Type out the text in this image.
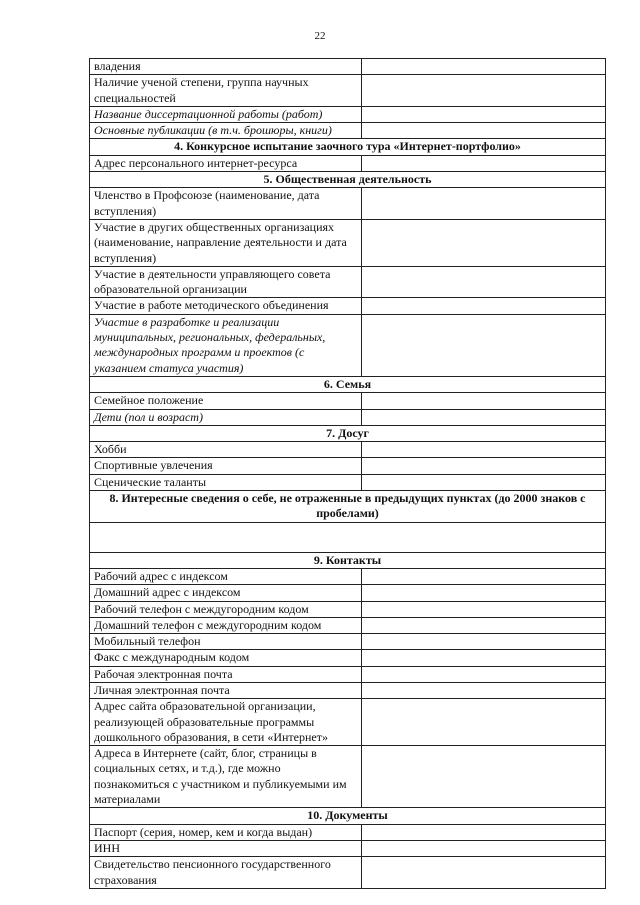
22
владения	
Наличие ученой степени, группа научных специальностей	
Название диссертационной работы (работ)	
Основные публикации (в т.ч. брошюры, книги)	
4. Конкурсное испытание заочного тура «Интернет-портфолио»	
Адрес персонального интернет-ресурса	
5. Общественная деятельность	
Членство в Профсоюзе (наименование, дата вступления)	
Участие в других общественных организациях (наименование, направление деятельности и дата вступления)	
Участие в деятельности управляющего совета образовательной организации	
Участие в работе методического объединения	
Участие в разработке и реализации муниципальных, региональных, федеральных, международных программ и проектов (с указанием статуса участия)	
6. Семья	
Семейное положение	
Дети (пол и возраст)	
7. Досуг	
Хобби	
Спортивные увлечения	
Сценические таланты	
8. Интересные сведения о себе, не отраженные в предыдущих пунктах (до 2000 знаков с пробелами)	

9. Контакты	
Рабочий адрес с индексом	
Домашний адрес с индексом	
Рабочий телефон с междугородним кодом	
Домашний телефон с междугородним кодом	
Мобильный телефон	
Факс с международным кодом	
Рабочая электронная почта	
Личная электронная почта	
Адрес сайта образовательной организации, реализующей образовательные программы дошкольного образования, в сети «Интернет»	
Адреса в Интернете (сайт, блог, страницы в социальных сетях, и т.д.), где можно познакомиться с участником и публикуемыми им материалами	
10. Документы	
Паспорт (серия, номер, кем и когда выдан)	
ИНН	
Свидетельство пенсионного государственного страхования	
